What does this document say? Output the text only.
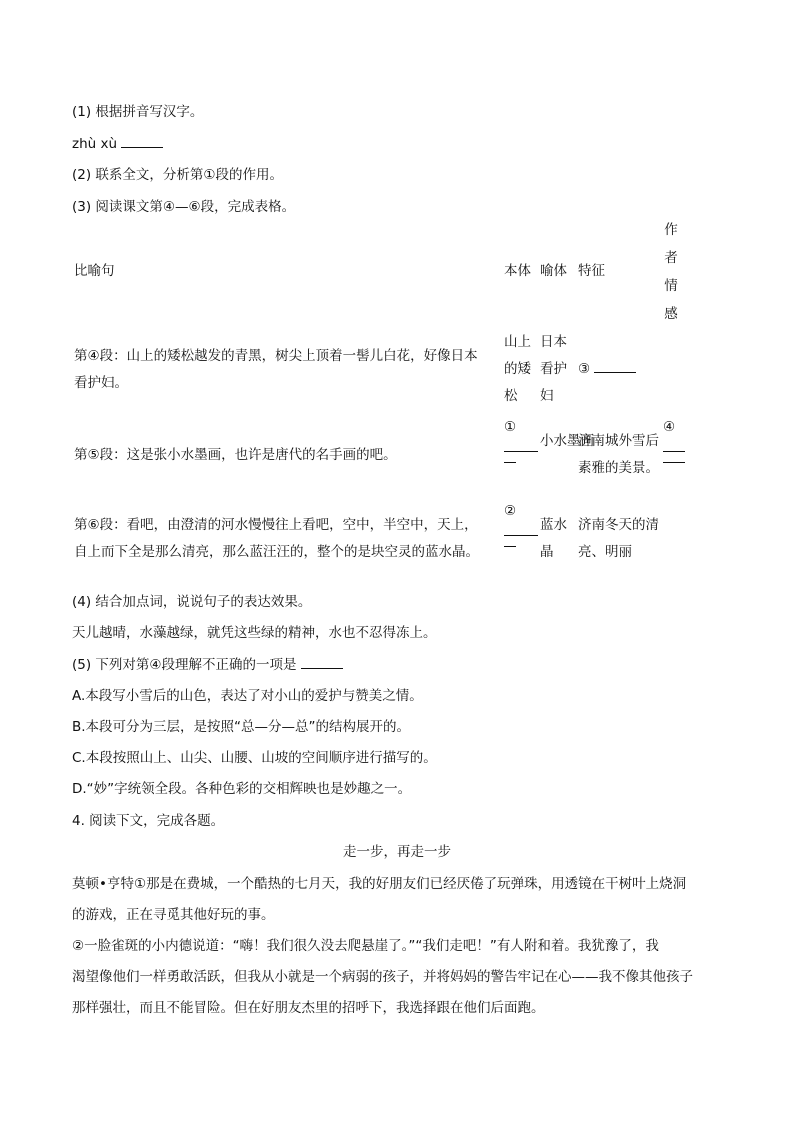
(1) 根据拼音写汉字。
zhù xù
(2) 联系全文，分析第①段的作用。
(3) 阅读课文第④—⑥段，完成表格。
比喻句	本体 喻体 特征
作者情感
第④段：山上的矮松越发的青黑，树尖上顶着一髻儿白花，好像日本
看护妇。
山上的矮松
日本看护妇
③
第⑤段：这是张小水墨画，也许是唐代的名手画的吧。
①
小水墨画
济南城外雪后
素雅的美景。
④
第⑥段：看吧，由澄清的河水慢慢往上看吧，空中，半空中，天上，
自上而下全是那么清亮，那么蓝汪汪的，整个的是块空灵的蓝水晶。
②
蓝水
晶
济南冬天的清
亮、明丽
(4) 结合加点词，说说句子的表达效果。
天儿越晴，水藻越绿，就凭这些绿的精神，水也不忍得冻上。
(5) 下列对第④段理解不正确的一项是
A.本段写小雪后的山色，表达了对小山的爱护与赞美之情。
B.本段可分为三层，是按照“总—分—总”的结构展开的。
C.本段按照山上、山尖、山腰、山坡的空间顺序进行描写的。
D.“妙”字统领全段。各种色彩的交相辉映也是妙趣之一。
4. 阅读下文，完成各题。
走一步，再走一步
莫顿•亨特①那是在费城，一个酷热的七月天，我的好朋友们已经厌倦了玩弹珠，用透镜在干树叶上烧洞
的游戏，正在寻觅其他好玩的事。
②一脸雀斑的小内德说道：“嗨！我们很久没去爬悬崖了。”“我们走吧！”有人附和着。我犹豫了，我
渴望像他们一样勇敢活跃，但我从小就是一个病弱的孩子，并将妈妈的警告牢记在心——我不像其他孩子
那样强壮，而且不能冒险。但在好朋友杰里的招呼下，我选择跟在他们后面跑。
